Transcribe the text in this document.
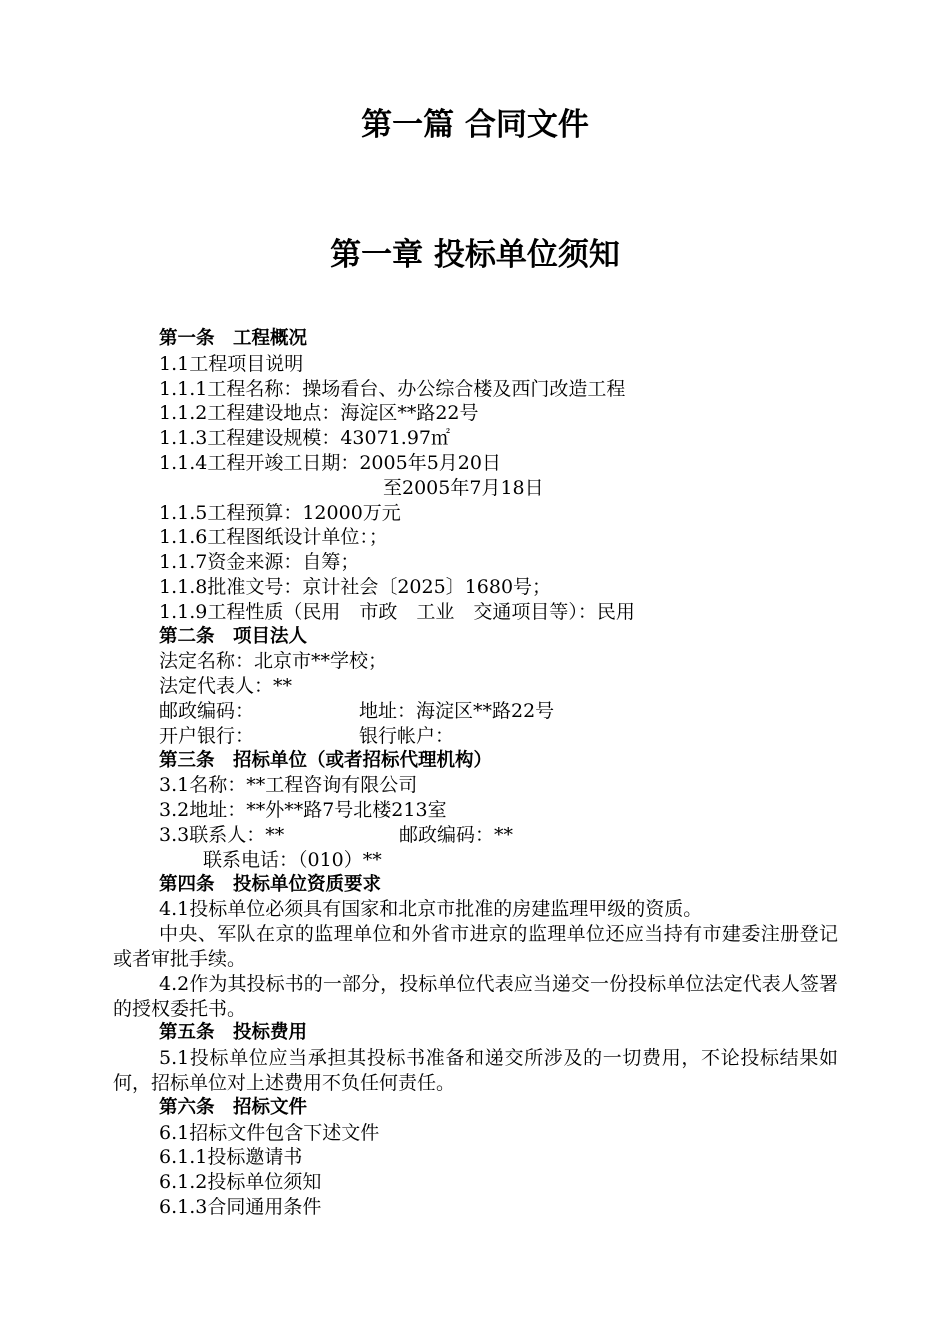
第一篇 合同文件
第一章 投标单位须知
第一条　工程概况
1.1工程项目说明
1.1.1工程名称：操场看台、办公综合楼及西门改造工程
1.1.2工程建设地点：海淀区**路22号
1.1.3工程建设规模：43071.97㎡
1.1.4工程开竣工日期：2005年5月20日
至2005年7月18日
1.1.5工程预算：12000万元
1.1.6工程图纸设计单位：；
1.1.7资金来源：自筹；
1.1.8批准文号：京计社会〔2025〕1680号；
1.1.9工程性质（民用　市政　工业　交通项目等）：民用
第二条　项目法人
法定名称：北京市**学校；
法定代表人：**
邮政编码：	地址：海淀区**路22号
开户银行：	银行帐户：
第三条　招标单位（或者招标代理机构）
3.1名称：**工程咨询有限公司
3.2地址：**外**路7号北楼213室
3.3联系人：**	邮政编码：**
联系电话：（010）**
第四条　投标单位资质要求
4.1投标单位必须具有国家和北京市批准的房建监理甲级的资质。
中央、军队在京的监理单位和外省市进京的监理单位还应当持有市建委注册登记或者审批手续。
4.2作为其投标书的一部分，投标单位代表应当递交一份投标单位法定代表人签署的授权委托书。
第五条　投标费用
5.1投标单位应当承担其投标书准备和递交所涉及的一切费用，不论投标结果如何，招标单位对上述费用不负任何责任。
第六条　招标文件
6.1招标文件包含下述文件
6.1.1投标邀请书
6.1.2投标单位须知
6.1.3合同通用条件
